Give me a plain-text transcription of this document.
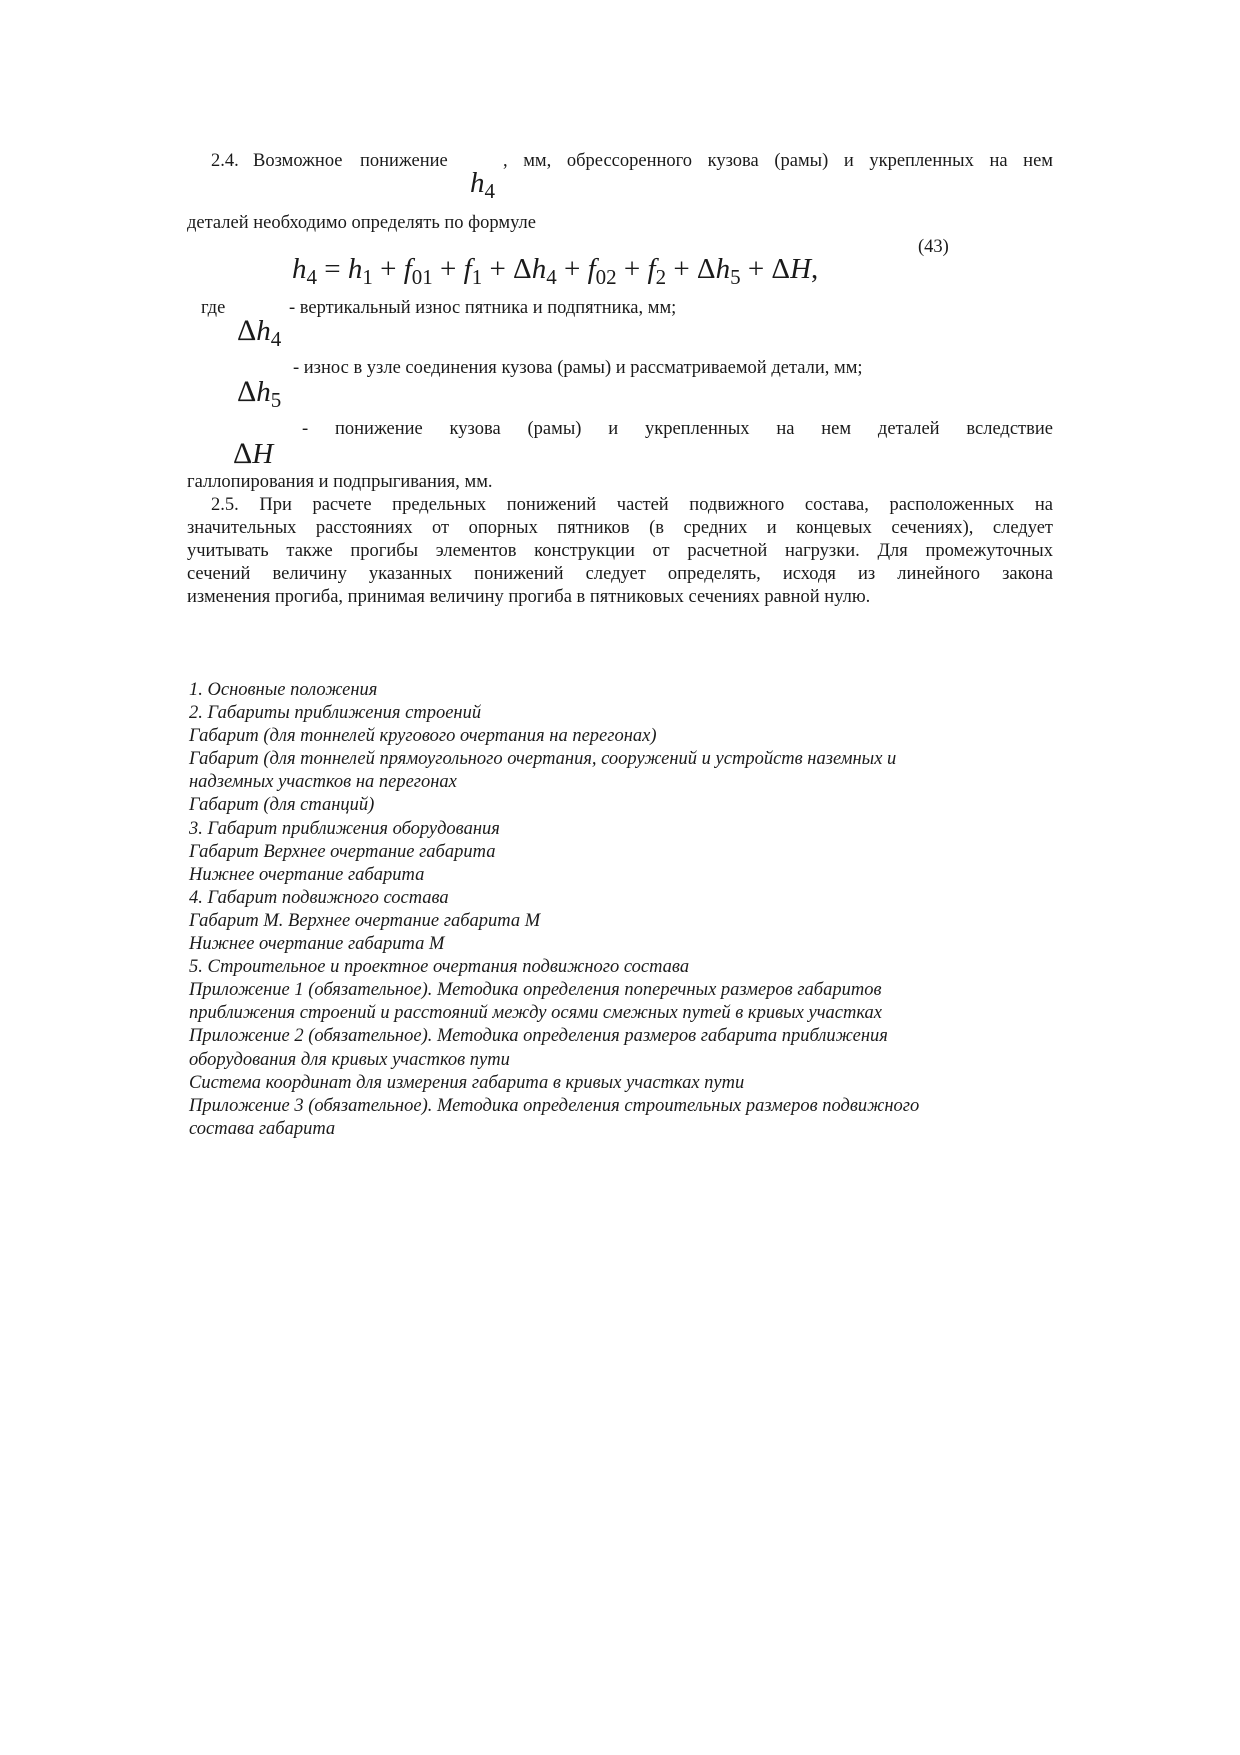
2.4. Возможное понижение
$h_4$
, мм, обрессоренного кузова (рамы) и укрепленных на нем
деталей необходимо определять по формуле
(43)
$h_4 = h_1 + f_{01} + f_1 + \Delta h_4 + f_{02} + f_2 + \Delta h_5 + \Delta H$,
где
$\Delta h_4$
- вертикальный износ пятника и подпятника, мм;
$\Delta h_5$
- износ в узле соединения кузова (рамы) и рассматриваемой детали, мм;
ΔH
- понижение кузова (рамы) и укрепленных на нем деталей вследствие
галлопирования и подпрыгивания, мм.
2.5. При расчете предельных понижений частей подвижного состава, расположенных на
значительных расстояниях от опорных пятников (в средних и концевых сечениях), следует
учитывать также прогибы элементов конструкции от расчетной нагрузки. Для промежуточных
сечений величину указанных понижений следует определять, исходя из линейного закона
изменения прогиба, принимая величину прогиба в пятниковых сечениях равной нулю.
1. Основные положения
2. Габариты приближения строений
Габарит (для тоннелей кругового очертания на перегонах)
Габарит (для тоннелей прямоугольного очертания, сооружений и устройств наземных и
надземных участков на перегонах
Габарит (для станций)
3. Габарит приближения оборудования
Габарит Верхнее очертание габарита
Нижнее очертание габарита
4. Габарит подвижного состава
Габарит М. Верхнее очертание габарита М
Нижнее очертание габарита М
5. Строительное и проектное очертания подвижного состава
Приложение 1 (обязательное). Методика определения поперечных размеров габаритов
приближения строений и расстояний между осями смежных путей в кривых участках
Приложение 2 (обязательное). Методика определения размеров габарита приближения
оборудования для кривых участков пути
Система координат для измерения габарита в кривых участках пути
Приложение 3 (обязательное). Методика определения строительных размеров подвижного
состава габарита
